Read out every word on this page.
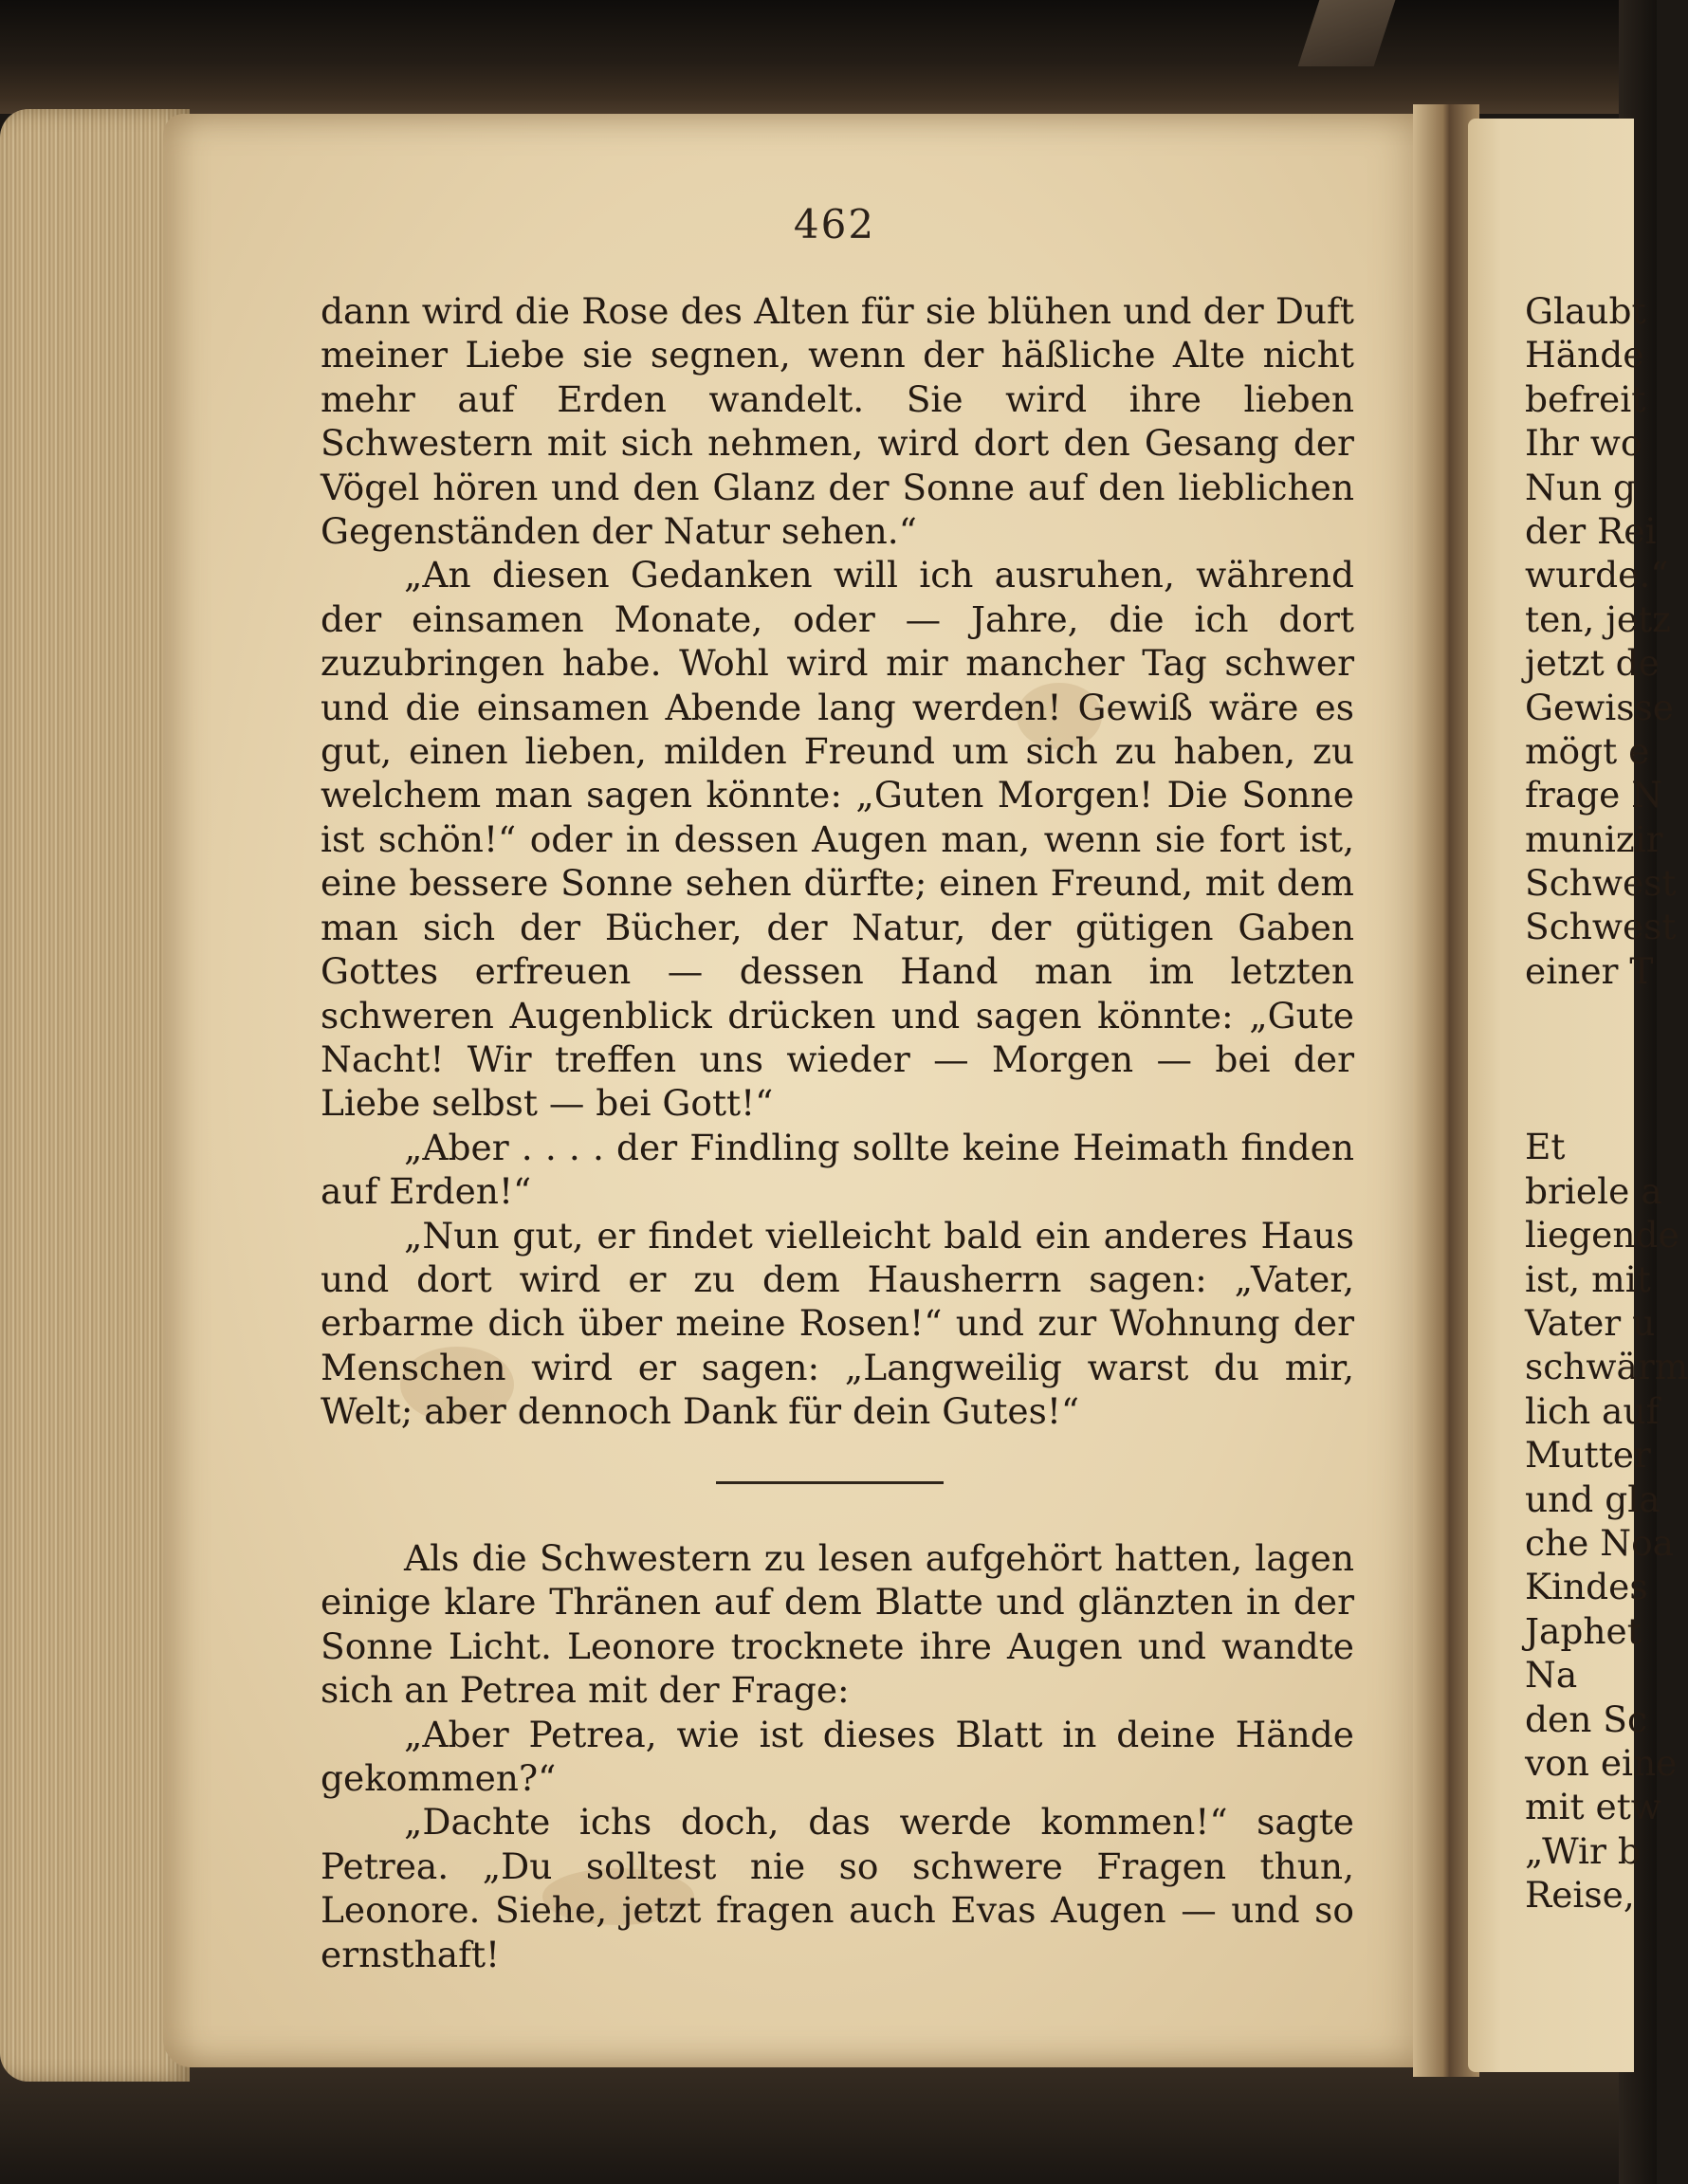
462

dann wird die Rose des Alten für sie blühen und der Duft meiner Liebe sie segnen, wenn der häßliche Alte nicht mehr auf Erden wandelt. Sie wird ihre lieben Schwestern mit sich nehmen, wird dort den Gesang der Vögel hören und den Glanz der Sonne auf den lieblichen Gegenständen der Natur sehen.“

„An diesen Gedanken will ich ausruhen, während der einsamen Monate, oder — Jahre, die ich dort zuzubringen habe. Wohl wird mir mancher Tag schwer und die einsamen Abende lang werden! Gewiß wäre es gut, einen lieben, milden Freund um sich zu haben, zu welchem man sagen könnte: „Guten Morgen! Die Sonne ist schön!“ oder in dessen Augen man, wenn sie fort ist, eine bessere Sonne sehen dürfte; einen Freund, mit dem man sich der Bücher, der Natur, der gütigen Gaben Gottes erfreuen — dessen Hand man im letzten schweren Augenblick drücken und sagen könnte: „Gute Nacht! Wir treffen uns wieder — Morgen — bei der Liebe selbst — bei Gott!“

„Aber . . . . der Findling sollte keine Heimath finden auf Erden!“

„Nun gut, er findet vielleicht bald ein anderes Haus und dort wird er zu dem Hausherrn sagen: „Vater, erbarme dich über meine Rosen!“ und zur Wohnung der Menschen wird er sagen: „Langweilig warst du mir, Welt; aber dennoch Dank für dein Gutes!“

Als die Schwestern zu lesen aufgehört hatten, lagen einige klare Thränen auf dem Blatte und glänzten in der Sonne Licht. Leonore trocknete ihre Augen und wandte sich an Petrea mit der Frage:

„Aber Petrea, wie ist dieses Blatt in deine Hände gekommen?“

„Dachte ichs doch, das werde kommen!“ sagte Petrea. „Du solltest nie so schwere Fragen thun, Leonore. Siehe, jetzt fragen auch Evas Augen — und so ernsthaft!

Glaubt
Hände
befreit
Ihr wo
Nun g
der Rei
wurde.“
ten, jetz
jetzt de
Gewisse
mögt e
frage N
munizir
Schwest
Schwest
einer T
Et
briele a
liegende
ist, mit
Vater u
schwärm
lich auf
Mutter
und gla
che Noa
Kindes
Japhet
Na
den Sc
von eine
mit etw
„Wir b
Reise,
